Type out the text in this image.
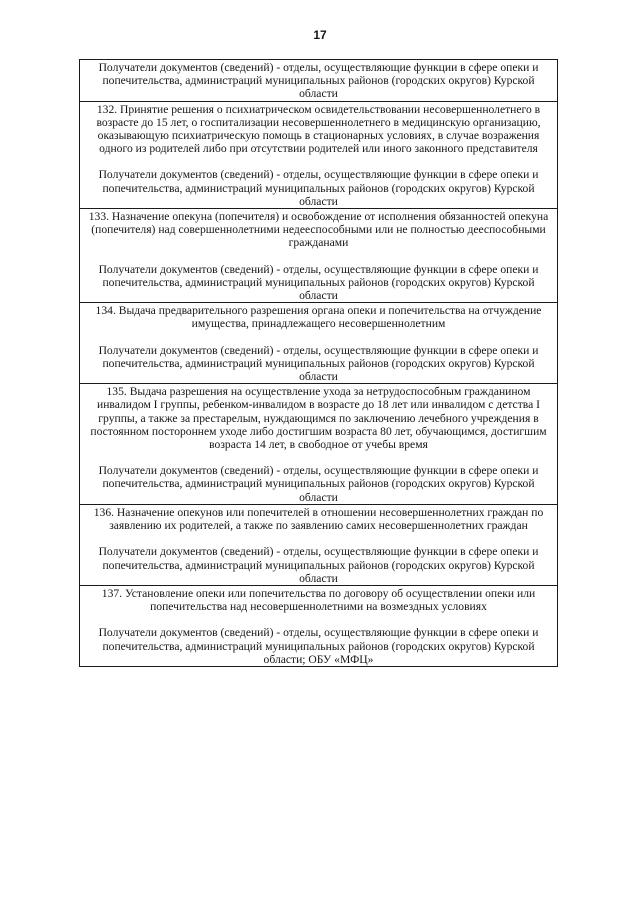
17
Получатели документов (сведений) - отделы, осуществляющие функции в сфере опеки и попечительства, администраций муниципальных районов (городских округов) Курской области

132. Принятие решения о психиатрическом освидетельствовании несовершеннолетнего в возрасте до 15 лет, о госпитализации несовершеннолетнего в медицинскую организацию, оказывающую психиатрическую помощь в стационарных условиях, в случае возражения одного из родителей либо при отсутствии родителей или иного законного представителя
Получатели документов (сведений) - отделы, осуществляющие функции в сфере опеки и попечительства, администраций муниципальных районов (городских округов) Курской области

133. Назначение опекуна (попечителя) и освобождение от исполнения обязанностей опекуна (попечителя) над совершеннолетними недееспособными или не полностью дееспособными гражданами
Получатели документов (сведений) - отделы, осуществляющие функции в сфере опеки и попечительства, администраций муниципальных районов (городских округов) Курской области

134. Выдача предварительного разрешения органа опеки и попечительства на отчуждение имущества, принадлежащего несовершеннолетним
Получатели документов (сведений) - отделы, осуществляющие функции в сфере опеки и попечительства, администраций муниципальных районов (городских округов) Курской области

135. Выдача разрешения на осуществление ухода за нетрудоспособным гражданином инвалидом I группы, ребенком-инвалидом в возрасте до 18 лет или инвалидом с детства I группы, а также за престарелым, нуждающимся по заключению лечебного учреждения в постоянном постороннем уходе либо достигшим возраста 80 лет, обучающимся, достигшим возраста 14 лет, в свободное от учебы время
Получатели документов (сведений) - отделы, осуществляющие функции в сфере опеки и попечительства, администраций муниципальных районов (городских округов) Курской области

136. Назначение опекунов или попечителей в отношении несовершеннолетних граждан по заявлению их родителей, а также по заявлению самих несовершеннолетних граждан
Получатели документов (сведений) - отделы, осуществляющие функции в сфере опеки и попечительства, администраций муниципальных районов (городских округов) Курской области

137. Установление опеки или попечительства по договору об осуществлении опеки или попечительства над несовершеннолетними на возмездных условиях
Получатели документов (сведений) - отделы, осуществляющие функции в сфере опеки и попечительства, администраций муниципальных районов (городских округов) Курской области; ОБУ «МФЦ»
